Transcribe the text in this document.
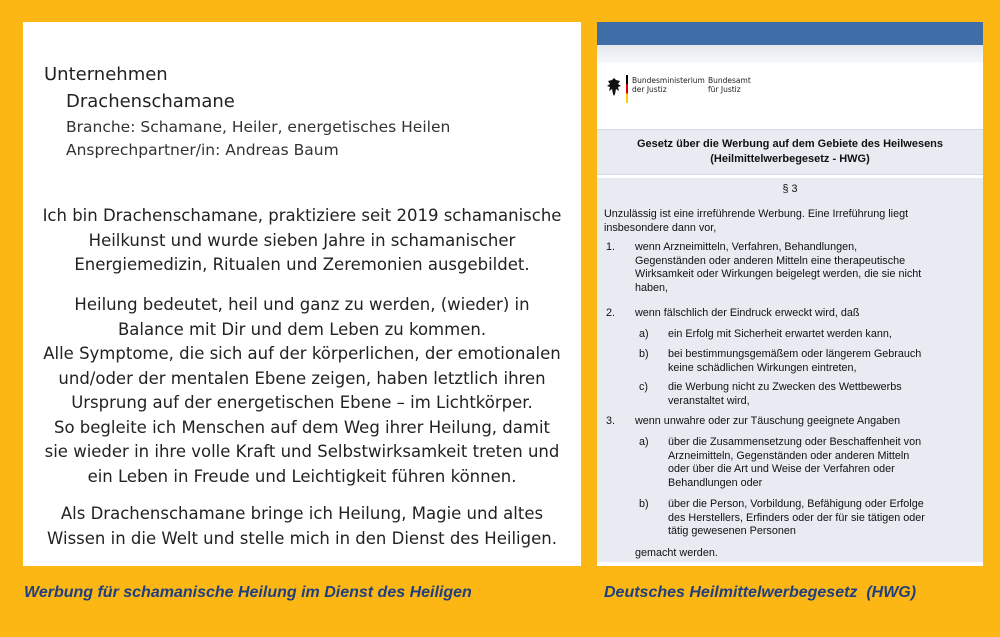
Unternehmen
Drachenschamane
Branche: Schamane, Heiler, energetisches Heilen
Ansprechpartner/in: Andreas Baum
Ich bin Drachenschamane, praktiziere seit 2019 schamanische
Heilkunst und wurde sieben Jahre in schamanischer
Energiemedizin, Ritualen und Zeremonien ausgebildet.
Heilung bedeutet, heil und ganz zu werden, (wieder) in
Balance mit Dir und dem Leben zu kommen.
Alle Symptome, die sich auf der körperlichen, der emotionalen
und/oder der mentalen Ebene zeigen, haben letztlich ihren
Ursprung auf der energetischen Ebene – im Lichtkörper.
So begleite ich Menschen auf dem Weg ihrer Heilung, damit
sie wieder in ihre volle Kraft und Selbstwirksamkeit treten und
ein Leben in Freude und Leichtigkeit führen können.
Als Drachenschamane bringe ich Heilung, Magie und altes
Wissen in die Welt und stelle mich in den Dienst des Heiligen.
Bundesministerium
der Justiz
Bundesamt
für Justiz
Gesetz über die Werbung auf dem Gebiete des Heilwesens
(Heilmittelwerbegesetz - HWG)
§ 3
Unzulässig ist eine irreführende Werbung. Eine Irreführung liegt
insbesondere dann vor,
1. wenn Arzneimitteln, Verfahren, Behandlungen,
Gegenständen oder anderen Mitteln eine therapeutische
Wirksamkeit oder Wirkungen beigelegt werden, die sie nicht
haben,
2. wenn fälschlich der Eindruck erweckt wird, daß
a) ein Erfolg mit Sicherheit erwartet werden kann,
b) bei bestimmungsgemäßem oder längerem Gebrauch
keine schädlichen Wirkungen eintreten,
c) die Werbung nicht zu Zwecken des Wettbewerbs
veranstaltet wird,
3. wenn unwahre oder zur Täuschung geeignete Angaben
a) über die Zusammensetzung oder Beschaffenheit von
Arzneimitteln, Gegenständen oder anderen Mitteln
oder über die Art und Weise der Verfahren oder
Behandlungen oder
b) über die Person, Vorbildung, Befähigung oder Erfolge
des Herstellers, Erfinders oder der für sie tätigen oder
tätig gewesenen Personen
gemacht werden.
Werbung für schamanische Heilung im Dienst des Heiligen	Deutsches Heilmittelwerbegesetz  (HWG)
